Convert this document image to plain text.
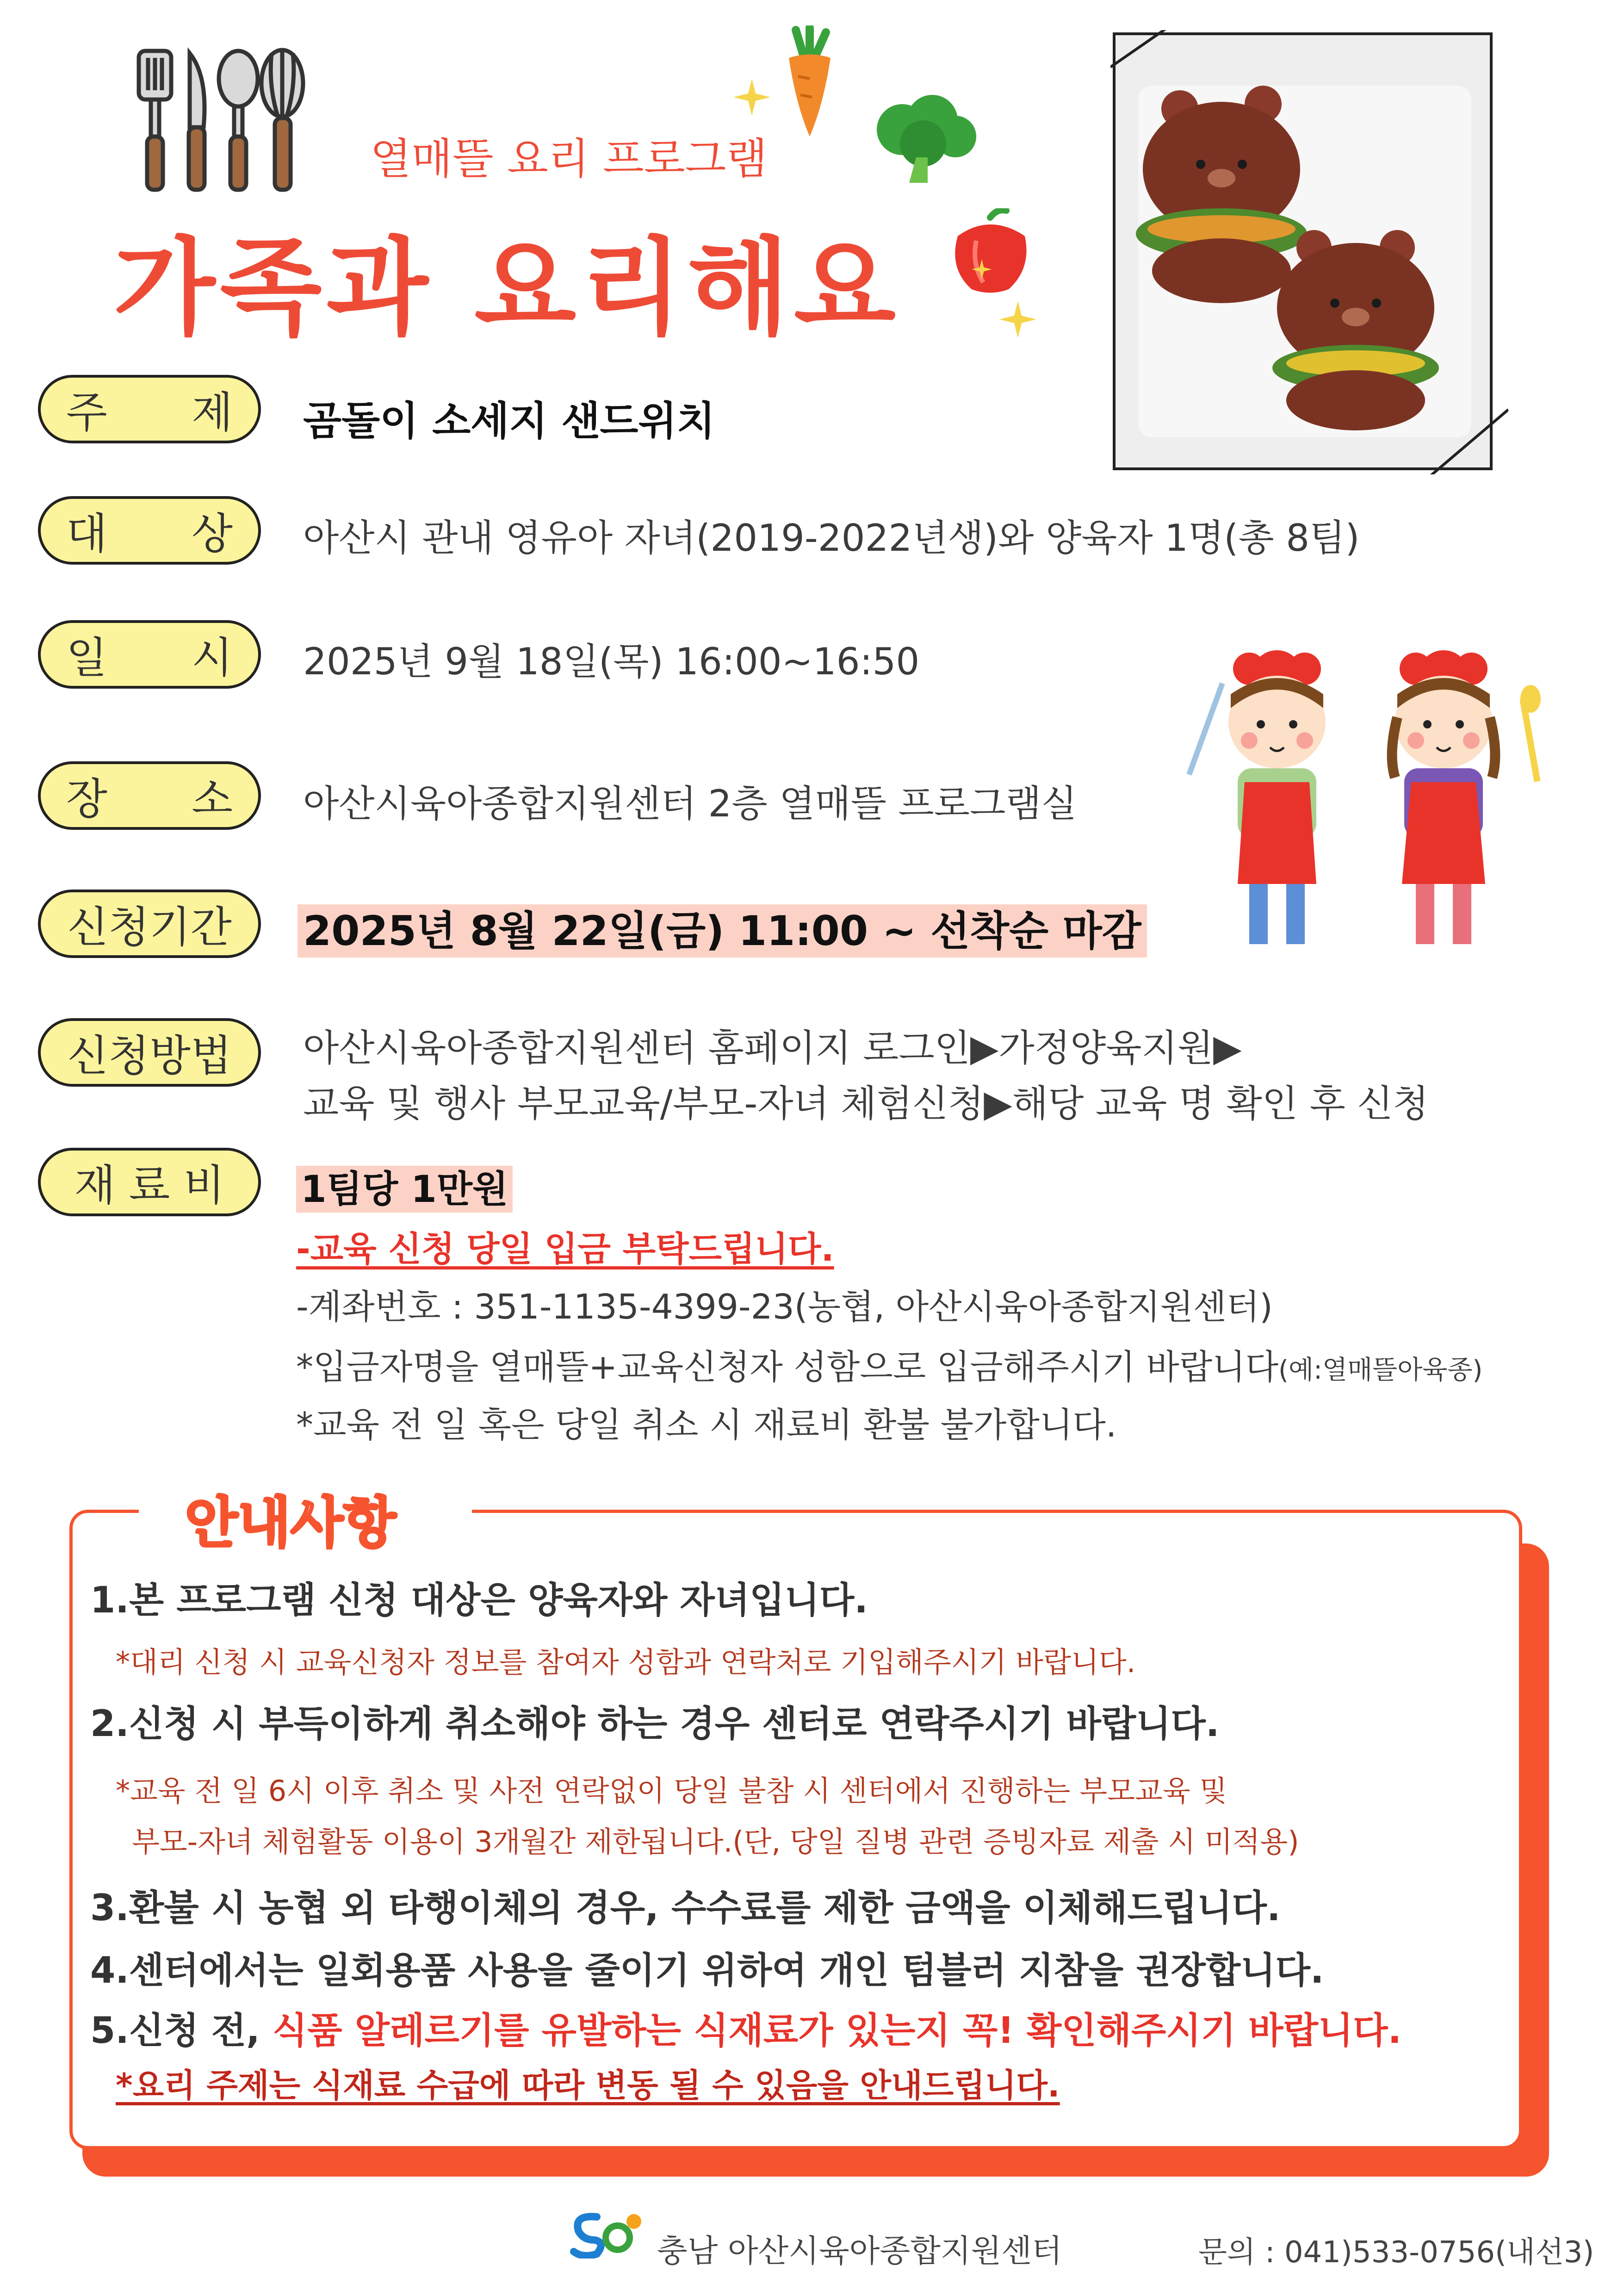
열매뜰 요리 프로그램
가족과 요리해요
주 제 곰돌이 소세지 샌드위치
대 상 아산시 관내 영유아 자녀(2019-2022년생)와 양육자 1명(총 8팀)
일 시 2025년 9월 18일(목) 16:00~16:50
장 소 아산시육아종합지원센터 2층 열매뜰 프로그램실
신청기간 2025년 8월 22일(금) 11:00 ~ 선착순 마감
신청방법 아산시육아종합지원센터 홈페이지 로그인▶가정양육지원▶
교육 및 행사 부모교육/부모-자녀 체험신청▶해당 교육 명 확인 후 신청
재 료 비 1팀당 1만원
-교육 신청 당일 입금 부탁드립니다.
-계좌번호 : 351-1135-4399-23(농협, 아산시육아종합지원센터)
*입금자명을 열매뜰+교육신청자 성함으로 입금해주시기 바랍니다(예:열매뜰아육종)
*교육 전 일 혹은 당일 취소 시 재료비 환불 불가합니다.
안내사항
1.본 프로그램 신청 대상은 양육자와 자녀입니다.
*대리 신청 시 교육신청자 정보를 참여자 성함과 연락처로 기입해주시기 바랍니다.
2.신청 시 부득이하게 취소해야 하는 경우 센터로 연락주시기 바랍니다.
*교육 전 일 6시 이후 취소 및 사전 연락없이 당일 불참 시 센터에서 진행하는 부모교육 및
부모-자녀 체험활동 이용이 3개월간 제한됩니다.(단, 당일 질병 관련 증빙자료 제출 시 미적용)
3.환불 시 농협 외 타행이체의 경우, 수수료를 제한 금액을 이체해드립니다.
4.센터에서는 일회용품 사용을 줄이기 위하여 개인 텀블러 지참을 권장합니다.
5.신청 전, 식품 알레르기를 유발하는 식재료가 있는지 꼭! 확인해주시기 바랍니다.
*요리 주제는 식재료 수급에 따라 변동 될 수 있음을 안내드립니다.
충남 아산시육아종합지원센터	문의 : 041)533-0756(내선3)
